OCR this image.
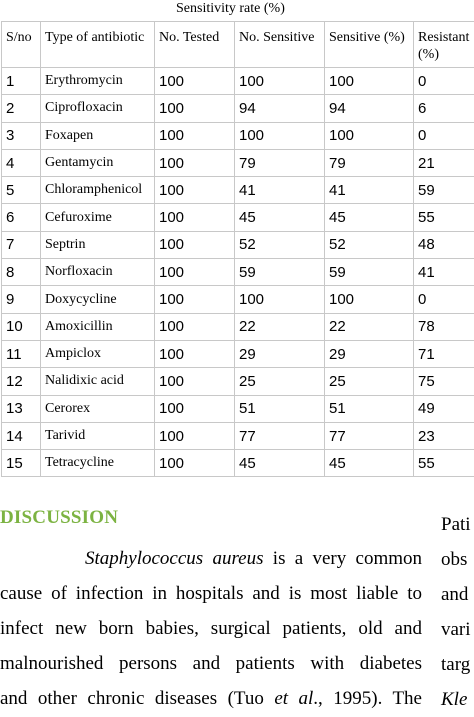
Sensitivity rate (%)
S/no	Type of antibiotic	No. Tested	No. Sensitive	Sensitive (%)	Resistant (%)
1	Erythromycin	100	100	100	0
2	Ciprofloxacin	100	94	94	6
3	Foxapen	100	100	100	0
4	Gentamycin	100	79	79	21
5	Chloramphenicol	100	41	41	59
6	Cefuroxime	100	45	45	55
7	Septrin	100	52	52	48
8	Norfloxacin	100	59	59	41
9	Doxycycline	100	100	100	0
10	Amoxicillin	100	22	22	78
11	Ampiclox	100	29	29	71
12	Nalidixic acid	100	25	25	75
13	Cerorex	100	51	51	49
14	Tarivid	100	77	77	23
15	Tetracycline	100	45	45	55
DISCUSSION
Staphylococcus aureus is a very common
cause of infection in hospitals and is most liable to
infect new born babies, surgical patients, old and
malnourished persons and patients with diabetes
and other chronic diseases (Tuo et al., 1995). The
Pati
obs
and
vari
targ
Kle
